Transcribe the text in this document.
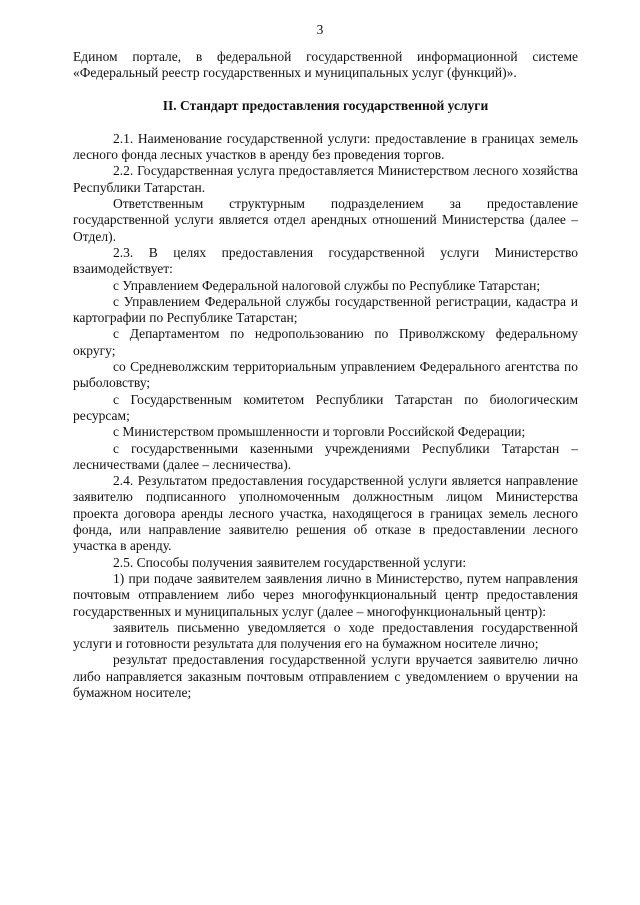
3

Едином портале, в федеральной государственной информационной системе «Федеральный реестр государственных и муниципальных услуг (функций)».

II. Стандарт предоставления государственной услуги

2.1. Наименование государственной услуги: предоставление в границах земель лесного фонда лесных участков в аренду без проведения торгов.

2.2. Государственная услуга предоставляется Министерством лесного хозяйства Республики Татарстан.

Ответственным структурным подразделением за предоставление государственной услуги является отдел арендных отношений Министерства (далее – Отдел).

2.3. В целях предоставления государственной услуги Министерство взаимодействует:

с Управлением Федеральной налоговой службы по Республике Татарстан;

с Управлением Федеральной службы государственной регистрации, кадастра и картографии по Республике Татарстан;

с Департаментом по недропользованию по Приволжскому федеральному округу;

со Средневолжским территориальным управлением Федерального агентства по рыболовству;

с Государственным комитетом Республики Татарстан по биологическим ресурсам;

с Министерством промышленности и торговли Российской Федерации;

с государственными казенными учреждениями Республики Татарстан – лесничествами (далее – лесничества).

2.4. Результатом предоставления государственной услуги является направление заявителю подписанного уполномоченным должностным лицом Министерства проекта договора аренды лесного участка, находящегося в границах земель лесного фонда, или направление заявителю решения об отказе в предоставлении лесного участка в аренду.

2.5. Способы получения заявителем государственной услуги:

1) при подаче заявителем заявления лично в Министерство, путем направления почтовым отправлением либо через многофункциональный центр предоставления государственных и муниципальных услуг (далее – многофункциональный центр):

заявитель письменно уведомляется о ходе предоставления государственной услуги и готовности результата для получения его на бумажном носителе лично;

результат предоставления государственной услуги вручается заявителю лично либо направляется заказным почтовым отправлением с уведомлением о вручении на бумажном носителе;
